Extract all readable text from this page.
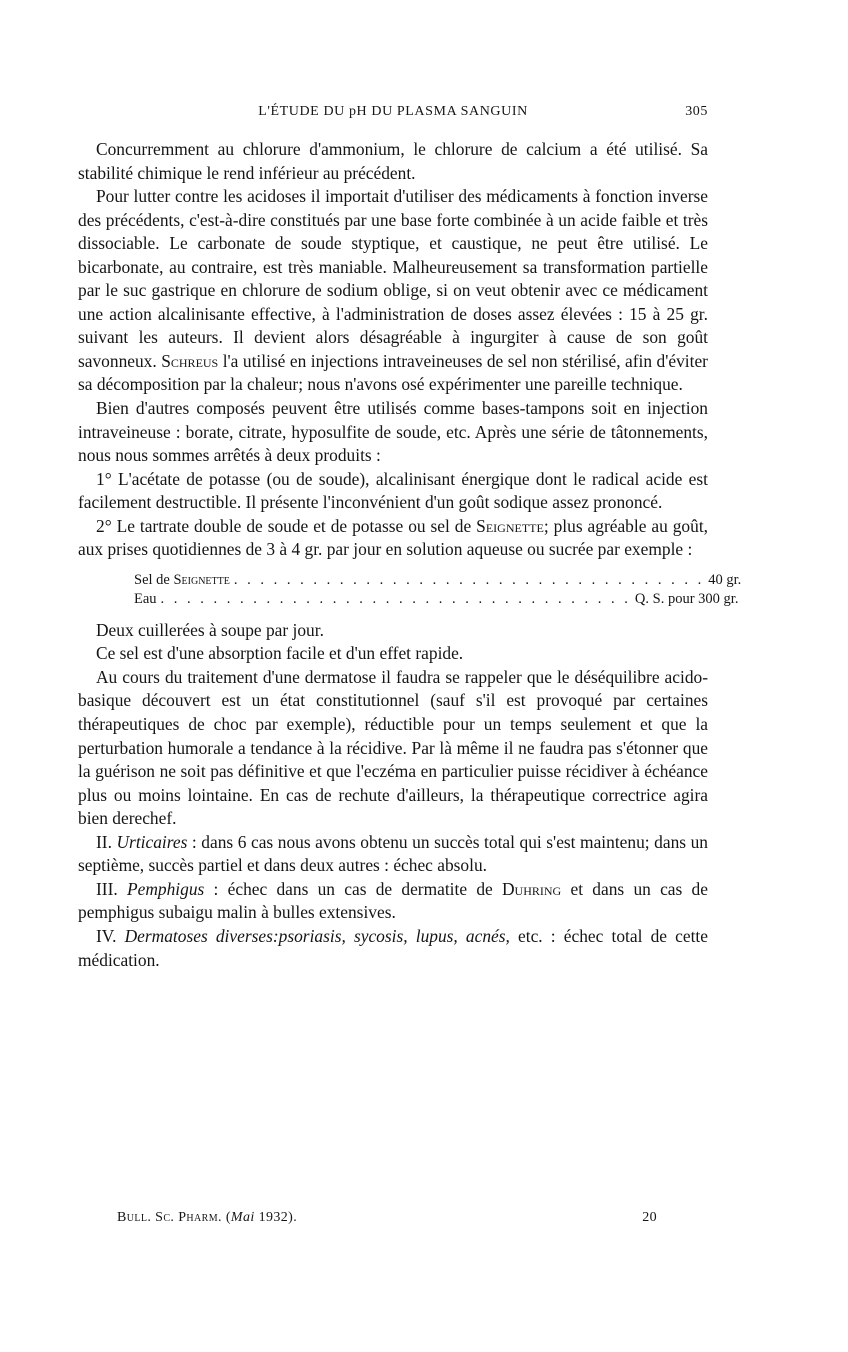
L'ÉTUDE DU pH DU PLASMA SANGUIN	305

Concurremment au chlorure d'ammonium, le chlorure de calcium a été utilisé. Sa stabilité chimique le rend inférieur au précédent.

Pour lutter contre les acidoses il importait d'utiliser des médicaments à fonction inverse des précédents, c'est-à-dire constitués par une base forte combinée à un acide faible et très dissociable. Le carbonate de soude styptique, et caustique, ne peut être utilisé. Le bicarbonate, au contraire, est très maniable. Malheureusement sa transformation partielle par le suc gastrique en chlorure de sodium oblige, si on veut obtenir avec ce médicament une action alcalinisante effective, à l'administration de doses assez élevées : 15 à 25 gr. suivant les auteurs. Il devient alors désagréable à ingurgiter à cause de son goût savonneux. Schreus l'a utilisé en injections intraveineuses de sel non stérilisé, afin d'éviter sa décomposition par la chaleur; nous n'avons osé expérimenter une pareille technique.

Bien d'autres composés peuvent être utilisés comme bases-tampons soit en injection intraveineuse : borate, citrate, hyposulfite de soude, etc. Après une série de tâtonnements, nous nous sommes arrêtés à deux produits :

1° L'acétate de potasse (ou de soude), alcalinisant énergique dont le radical acide est facilement destructible. Il présente l'inconvénient d'un goût sodique assez prononcé.

2° Le tartrate double de soude et de potasse ou sel de Seignette; plus agréable au goût, aux prises quotidiennes de 3 à 4 gr. par jour en solution aqueuse ou sucrée par exemple :

Sel de Seignette . . . . . . . . . . . . . . . . . . . . . . . . . . . . . . . . . . . . 40 gr.
Eau . . . . . . . . . . . . . . . . . . . . . . . . . . . . . . . . . . . . Q. S. pour 300 gr.

Deux cuillerées à soupe par jour.

Ce sel est d'une absorption facile et d'un effet rapide.

Au cours du traitement d'une dermatose il faudra se rappeler que le déséquilibre acido-basique découvert est un état constitutionnel (sauf s'il est provoqué par certaines thérapeutiques de choc par exemple), réductible pour un temps seulement et que la perturbation humorale a tendance à la récidive. Par là même il ne faudra pas s'étonner que la guérison ne soit pas définitive et que l'eczéma en particulier puisse récidiver à échéance plus ou moins lointaine. En cas de rechute d'ailleurs, la thérapeutique correctrice agira bien derechef.

II. Urticaires : dans 6 cas nous avons obtenu un succès total qui s'est maintenu; dans un septième, succès partiel et dans deux autres : échec absolu.

III. Pemphigus : échec dans un cas de dermatite de Duhring et dans un cas de pemphigus subaigu malin à bulles extensives.

IV. Dermatoses diverses:psoriasis, sycosis, lupus, acnés, etc. : échec total de cette médication.

Bull. Sc. Pharm. (Mai 1932).	20
